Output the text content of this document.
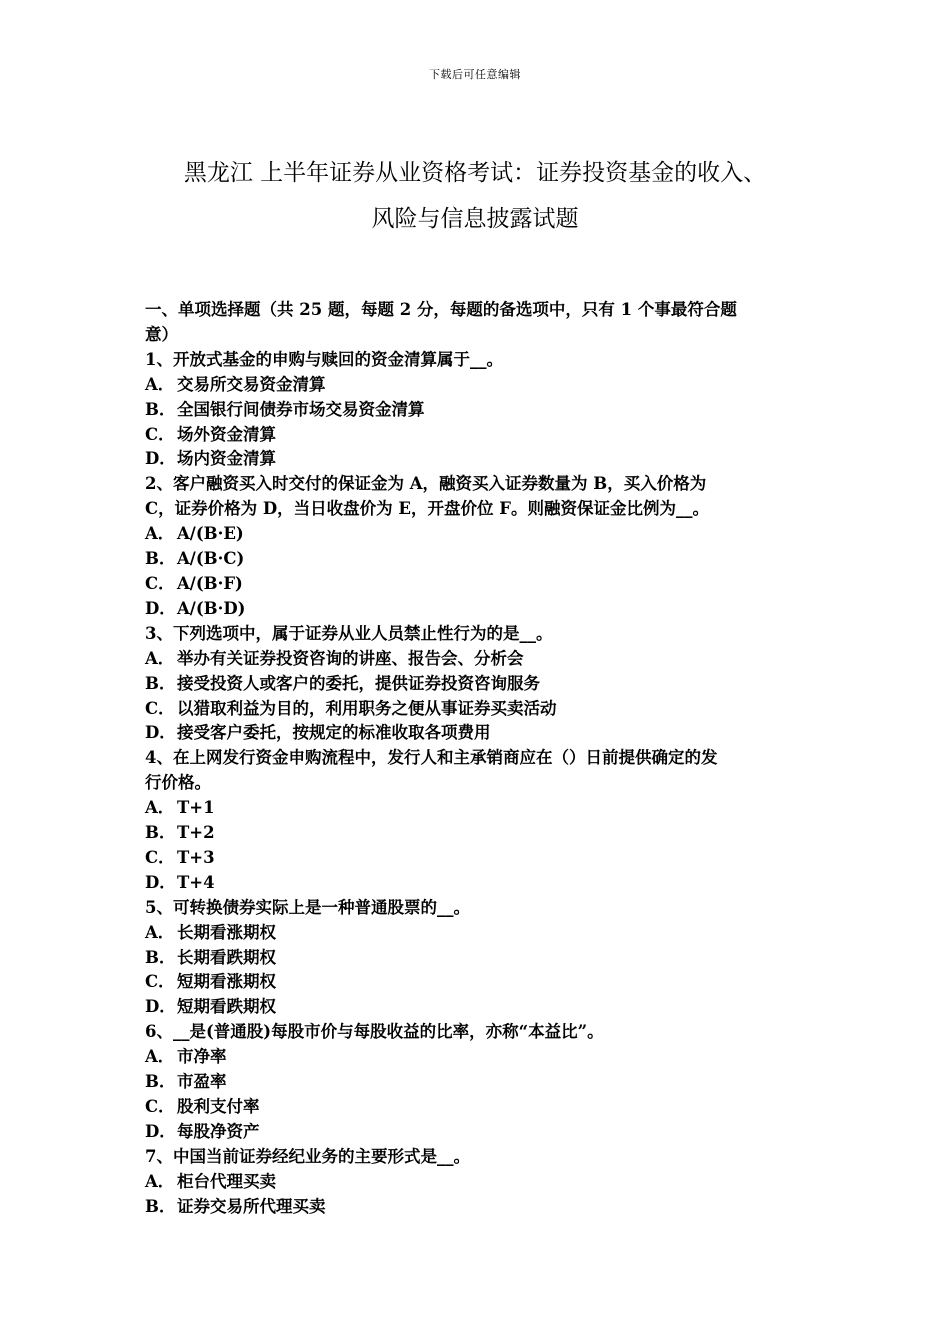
下载后可任意编辑
黑龙江 上半年证券从业资格考试：证券投资基金的收入、
风险与信息披露试题
一、单项选择题（共 25 题，每题 2 分，每题的备选项中，只有 1 个事最符合题
意）
1、开放式基金的申购与赎回的资金清算属于__。
A． 交易所交易资金清算
B．全国银行间债券市场交易资金清算
C． 场外资金清算
D．场内资金清算
2、客户融资买入时交付的保证金为 A，融资买入证券数量为 B，买入价格为
C，证券价格为 D，当日收盘价为 E，开盘价位 F。则融资保证金比例为__。
A． A/(B·E)
B．A/(B·C)
C． A/(B·F)
D．A/(B·D)
3、下列选项中，属于证券从业人员禁止性行为的是__。
A． 举办有关证券投资咨询的讲座、报告会、分析会
B．接受投资人或客户的委托，提供证券投资咨询服务
C． 以猎取利益为目的，利用职务之便从事证券买卖活动
D．接受客户委托，按规定的标准收取各项费用
4、在上网发行资金申购流程中，发行人和主承销商应在（）日前提供确定的发
行价格。
A． T+1
B．T+2
C． T+3
D．T+4
5、可转换债券实际上是一种普通股票的__。
A． 长期看涨期权
B．长期看跌期权
C． 短期看涨期权
D．短期看跌期权
6、__是(普通股)每股市价与每股收益的比率，亦称“本益比”。
A． 市净率
B．市盈率
C． 股利支付率
D．每股净资产
7、中国当前证券经纪业务的主要形式是__。
A． 柜台代理买卖
B．证券交易所代理买卖
